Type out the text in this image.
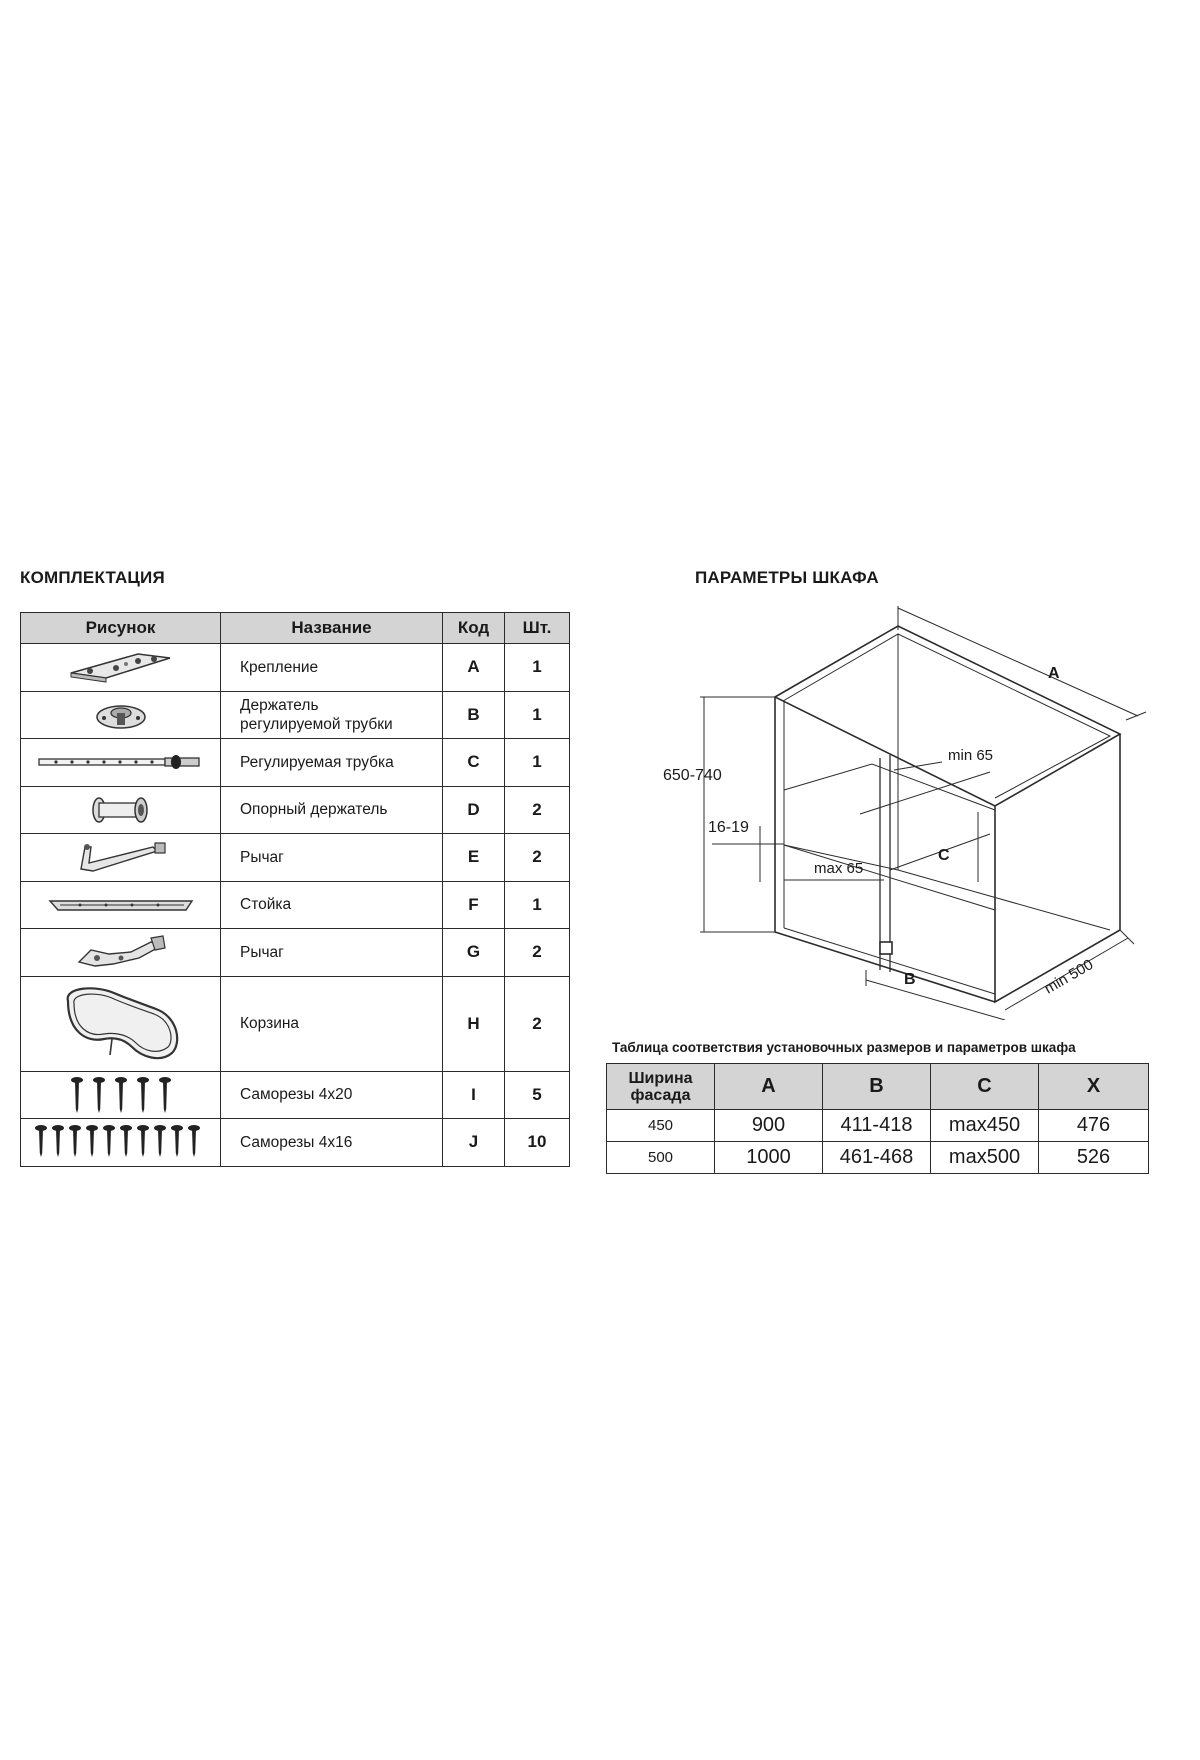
КОМПЛЕКТАЦИЯ	ПАРАМЕТРЫ ШКАФА
Рисунок	Название	Код	Шт.

	Крепление	A	1

Держатель
регулируемой трубки	B	1

	Регулируемая трубка	C	1

	Опорный держатель	D	2

	Рычаг	E	2

	Стойка	F	1

	Рычаг	G	2

	Корзина	H	2

	Саморезы 4x20	I	5

	Саморезы 4x16	J	10
A
650-740
16-19
min 65
C
max 65
B	min 500
Таблица соответствия установочных размеров и параметров шкафа
Ширина
фасада	A	B	C	X
450	900	411-418	max450	476
500	1000	461-468	max500	526
